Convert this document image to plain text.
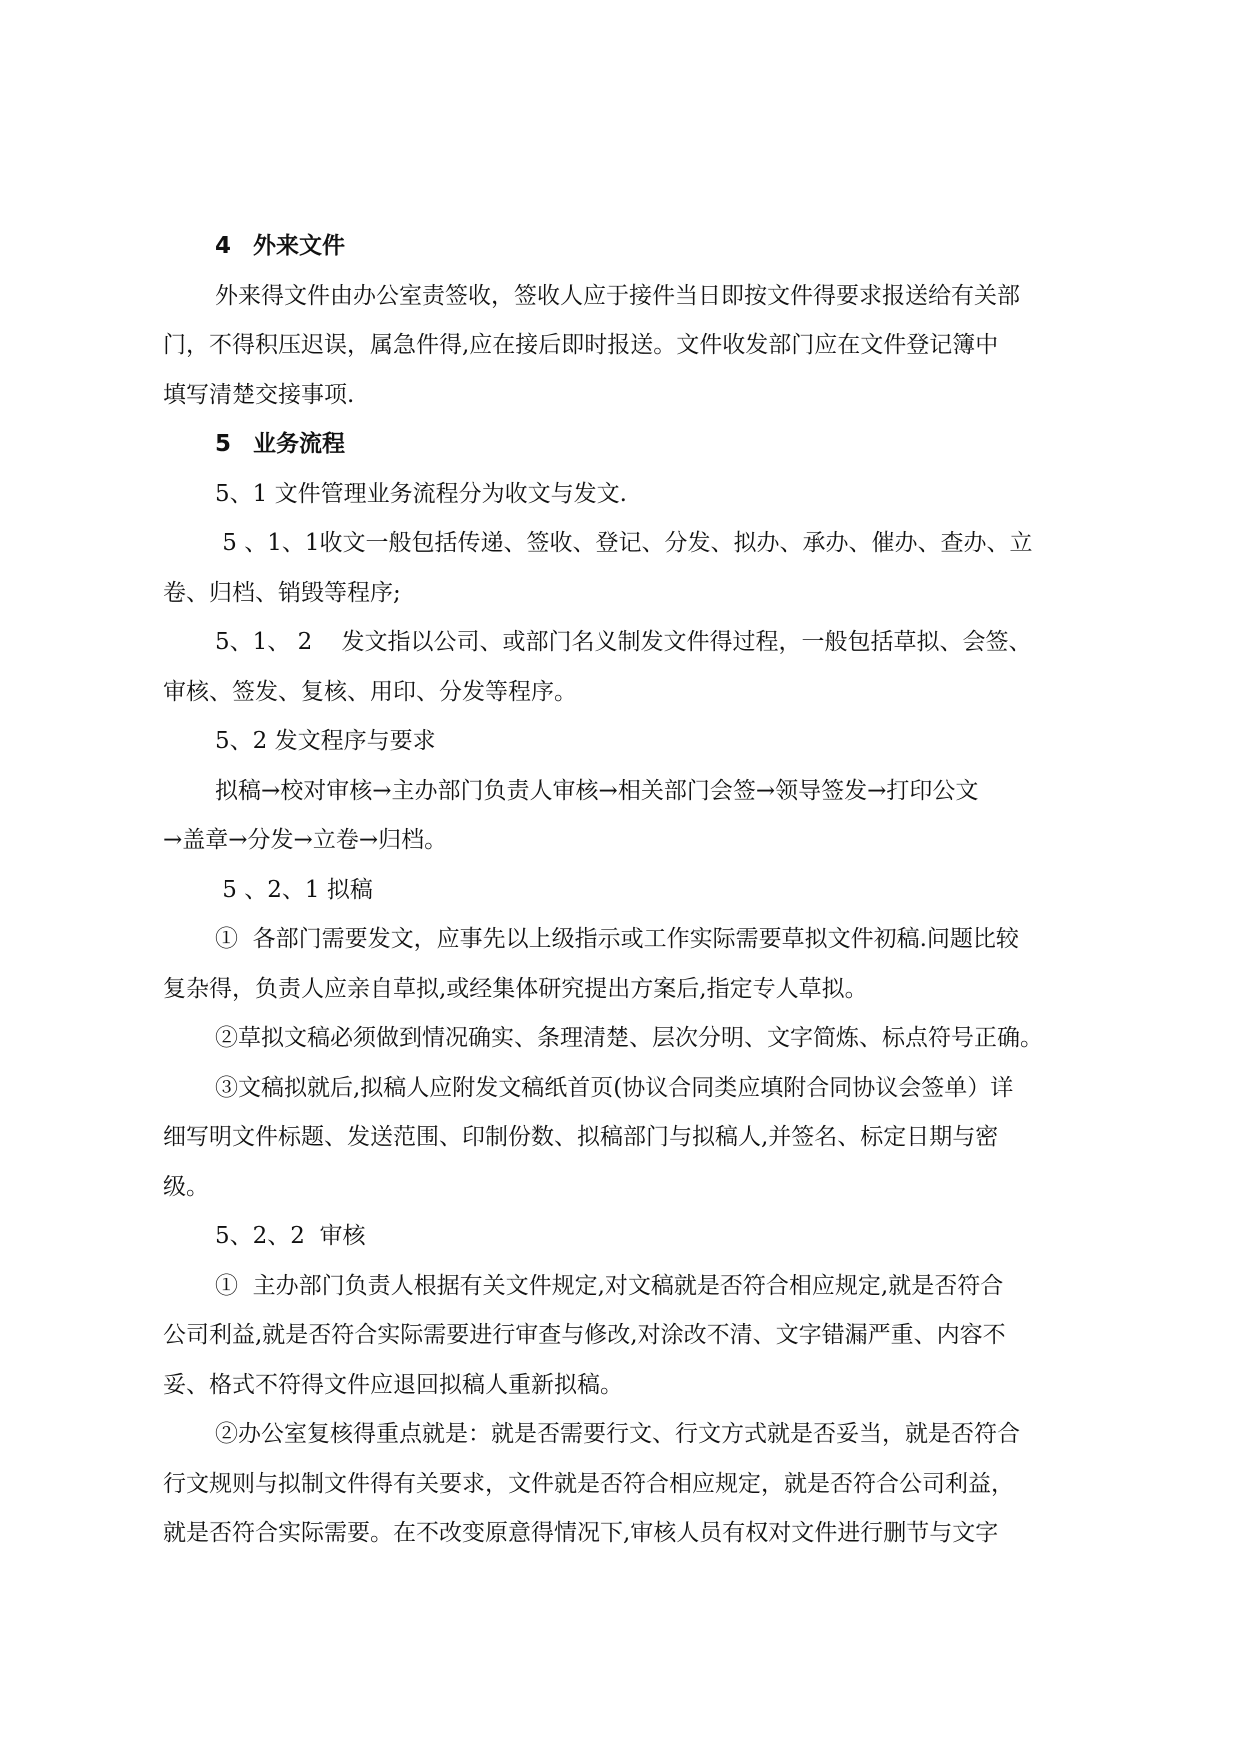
4 外来文件
外来得文件由办公室责签收，签收人应于接件当日即按文件得要求报送给有关部
门，不得积压迟误，属急件得,应在接后即时报送。文件收发部门应在文件登记簿中
填写清楚交接事项.
5 业务流程
5、1 文件管理业务流程分为收文与发文.
5 、1、1收文一般包括传递、签收、登记、分发、拟办、承办、催办、查办、立
卷、归档、销毁等程序;
5、1、 2    发文指以公司、或部门名义制发文件得过程，一般包括草拟、会签、
审核、签发、复核、用印、分发等程序。
5、2 发文程序与要求
拟稿→校对审核→主办部门负责人审核→相关部门会签→领导签发→打印公文
→盖章→分发→立卷→归档。
5 、2、1 拟稿
①  各部门需要发文，应事先以上级指示或工作实际需要草拟文件初稿.问题比较
复杂得，负责人应亲自草拟,或经集体研究提出方案后,指定专人草拟。
②草拟文稿必须做到情况确实、条理清楚、层次分明、文字简炼、标点符号正确。
③文稿拟就后,拟稿人应附发文稿纸首页(协议合同类应填附合同协议会签单）详
细写明文件标题、发送范围、印制份数、拟稿部门与拟稿人,并签名、标定日期与密
级。
5、2、2  审核
①  主办部门负责人根据有关文件规定,对文稿就是否符合相应规定,就是否符合
公司利益,就是否符合实际需要进行审查与修改,对涂改不清、文字错漏严重、内容不
妥、格式不符得文件应退回拟稿人重新拟稿。
②办公室复核得重点就是：就是否需要行文、行文方式就是否妥当，就是否符合
行文规则与拟制文件得有关要求，文件就是否符合相应规定，就是否符合公司利益，
就是否符合实际需要。在不改变原意得情况下,审核人员有权对文件进行删节与文字
